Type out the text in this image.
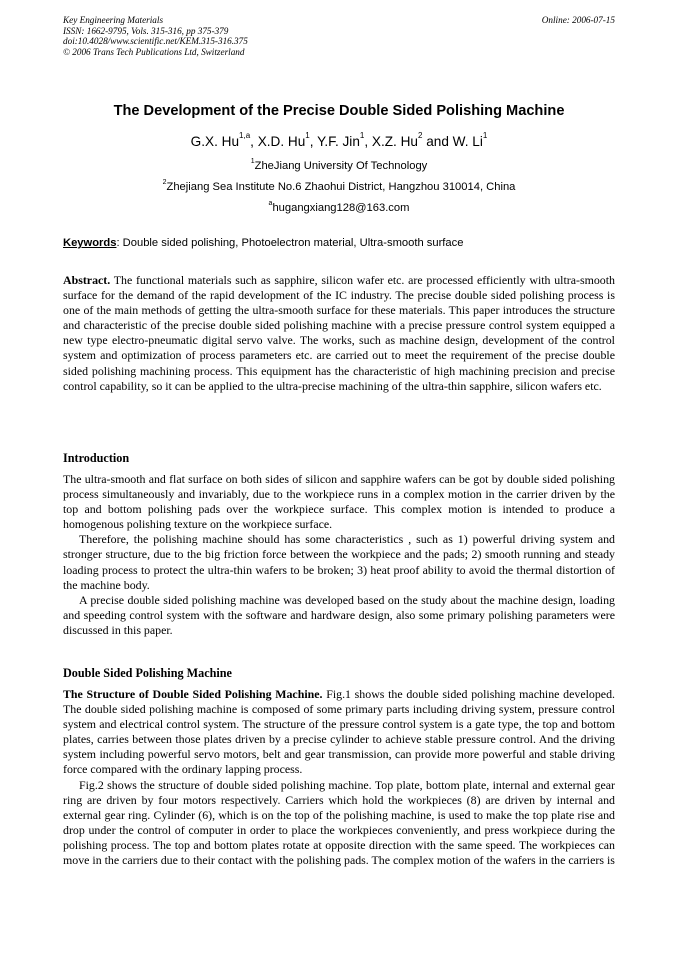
Key Engineering Materials
ISSN: 1662-9795, Vols. 315-316, pp 375-379
doi:10.4028/www.scientific.net/KEM.315-316.375
© 2006 Trans Tech Publications Ltd, Switzerland
Online: 2006-07-15
The Development of the Precise Double Sided Polishing Machine
G.X. Hu$^{1,a}$, X.D. Hu$^1$, Y.F. Jin$^1$, X.Z. Hu$^2$ and W. Li$^1$
$^1$ZheJiang University Of Technology
$^2$Zhejiang Sea Institute No.6 Zhaohui District, Hangzhou 310014, China
$^a$hugangxiang128@163.com
Keywords: Double sided polishing, Photoelectron material, Ultra-smooth surface

Abstract. The functional materials such as sapphire, silicon wafer etc. are processed efficiently with ultra-smooth surface for the demand of the rapid development of the IC industry. The precise double sided polishing process is one of the main methods of getting the ultra-smooth surface for these materials. This paper introduces the structure and characteristic of the precise double sided polishing machine with a precise pressure control system equipped a new type electro-pneumatic digital servo valve. The works, such as machine design, development of the control system and optimization of process parameters etc. are carried out to meet the requirement of the precise double sided polishing machining process. This equipment has the characteristic of high machining precision and precise control capability, so it can be applied to the ultra-precise machining of the ultra-thin sapphire, silicon wafers etc.

Introduction

The ultra-smooth and flat surface on both sides of silicon and sapphire wafers can be got by double sided polishing process simultaneously and invariably, due to the workpiece runs in a complex motion in the carrier driven by the top and bottom polishing pads over the workpiece surface. This complex motion is intended to produce a homogenous polishing texture on the workpiece surface.

Therefore, the polishing machine should has some characteristics , such as 1) powerful driving system and stronger structure, due to the big friction force between the workpiece and the pads; 2) smooth running and steady loading process to protect the ultra-thin wafers to be broken; 3) heat proof ability to avoid the thermal distortion of the machine body.

A precise double sided polishing machine was developed based on the study about the machine design, loading and speeding control system with the software and hardware design, also some primary polishing parameters were discussed in this paper.

Double Sided Polishing Machine

The Structure of Double Sided Polishing Machine. Fig.1 shows the double sided polishing machine developed. The double sided polishing machine is composed of some primary parts including driving system, pressure control system and electrical control system. The structure of the pressure control system is a gate type, the top and bottom plates, carries between those plates driven by a precise cylinder to achieve stable pressure control. And the driving system including powerful servo motors, belt and gear transmission, can provide more powerful and stable driving force compared with the ordinary lapping process.

Fig.2 shows the structure of double sided polishing machine. Top plate, bottom plate, internal and external gear ring are driven by four motors respectively. Carriers which hold the workpieces (8) are driven by internal and external gear ring. Cylinder (6), which is on the top of the polishing machine, is used to make the top plate rise and drop under the control of computer in order to place the workpieces conveniently, and press workpiece during the polishing process. The top and bottom plates rotate at opposite direction with the same speed. The workpieces can move in the carriers due to their contact with the polishing pads. The complex motion of the wafers in the carriers is
